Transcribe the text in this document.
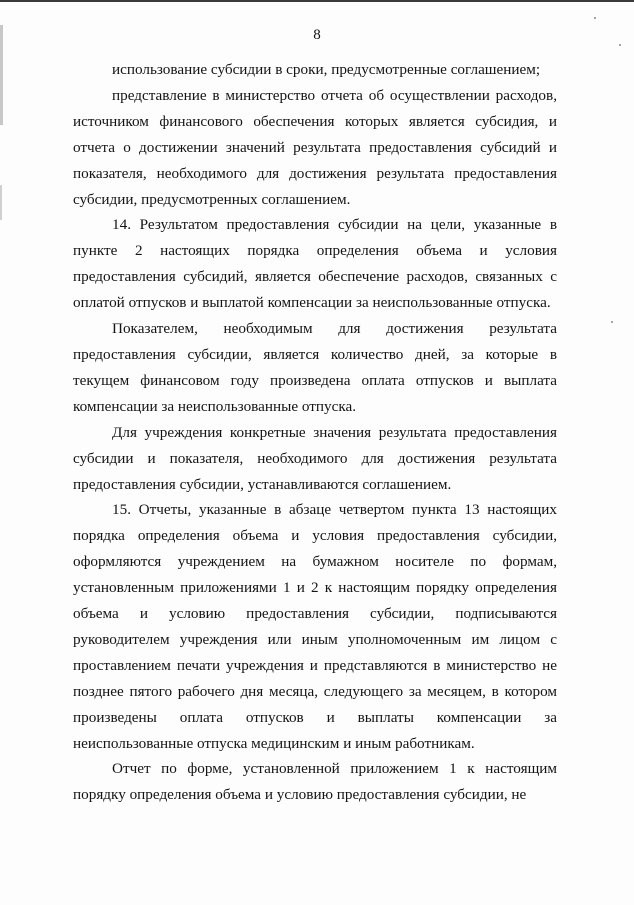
8

использование субсидии в сроки, предусмотренные соглашением;

представление в министерство отчета об осуществлении расходов, источником финансового обеспечения которых является субсидия, и отчета о достижении значений результата предоставления субсидий и показателя, необходимого для достижения результата предоставления субсидии, предусмотренных соглашением.

14. Результатом предоставления субсидии на цели, указанные в пункте 2 настоящих порядка определения объема и условия предоставления субсидий, является обеспечение расходов, связанных с оплатой отпусков и выплатой компенсации за неиспользованные отпуска.

Показателем, необходимым для достижения результата предоставления субсидии, является количество дней, за которые в текущем финансовом году произведена оплата отпусков и выплата компенсации за неиспользованные отпуска.

Для учреждения конкретные значения результата предоставления субсидии и показателя, необходимого для достижения результата предоставления субсидии, устанавливаются соглашением.

15. Отчеты, указанные в абзаце четвертом пункта 13 настоящих порядка определения объема и условия предоставления субсидии, оформляются учреждением на бумажном носителе по формам, установленным приложениями 1 и 2 к настоящим порядку определения объема и условию предоставления субсидии, подписываются руководителем учреждения или иным уполномоченным им лицом с проставлением печати учреждения и представляются в министерство не позднее пятого рабочего дня месяца, следующего за месяцем, в котором произведены оплата отпусков и выплаты компенсации за неиспользованные отпуска медицинским и иным работникам.

Отчет по форме, установленной приложением 1 к настоящим порядку определения объема и условию предоставления субсидии, не
